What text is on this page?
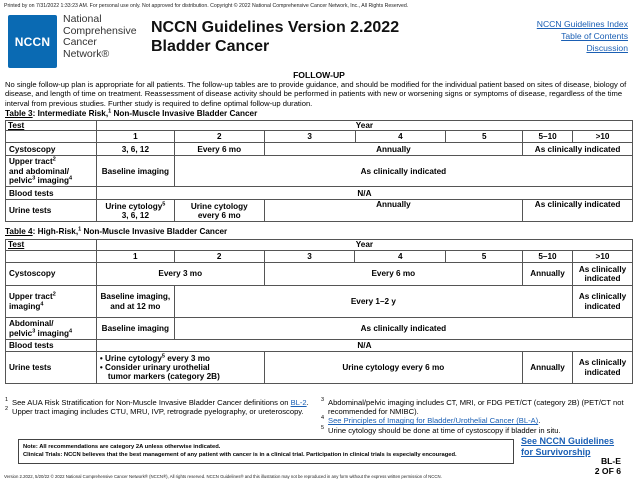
Printed by on 7/31/2022 1:33:23 AM. For personal use only. Not approved for distribution. Copyright © 2022 National Comprehensive Cancer Network, Inc., All Rights Reserved.
NCCN
National
Comprehensive
Cancer
Network®
NCCN Guidelines Version 2.2022
Bladder Cancer
NCCN Guidelines Index
Table of Contents
Discussion
FOLLOW-UP
No single follow-up plan is appropriate for all patients. The follow-up tables are to provide guidance, and should be modified for the individual patient based on sites of disease, biology of disease, and length of time on treatment. Reassessment of disease activity should be performed in patients with new or worsening signs or symptoms of disease, regardless of the time interval from previous studies. Further study is required to define optimal follow-up duration.
Table 3: Intermediate Risk,$^1$ Non-Muscle Invasive Bladder Cancer
Test	Year						
	1	2	3	4	5	5–10	>10
Cystoscopy	3, 6, 12	Every 6 mo	Annually			As clinically indicated	
Upper tract$^2$
and abdominal/
pelvic$^3$ imaging$^4$	Baseline imaging	As clinically indicated					
Blood tests	N/A						
Urine tests	Urine cytology$^5$
3, 6, 12	Urine cytology
every 6 mo	Annually			As clinically indicated	
Table 4: High-Risk,$^1$ Non-Muscle Invasive Bladder Cancer
Test	Year						
	1	2	3	4	5	5–10	>10
Cystoscopy	Every 3 mo		Every 6 mo			Annually	As clinically indicated
Upper tract$^2$
imaging$^4$	Baseline imaging, and at 12 mo	Every 1–2 y					As clinically indicated
Abdominal/
pelvic$^3$ imaging$^4$	Baseline imaging	As clinically indicated					
Blood tests	N/A						
Urine tests	• Urine cytology$^5$ every 3 mo
• Consider urinary urothelial
tumor markers (category 2B)		Urine cytology every 6 mo			Annually	As clinically indicated
1 See AUA Risk Stratification for Non-Muscle Invasive Bladder Cancer definitions on BL-2.
2 Upper tract imaging includes CTU, MRU, IVP, retrograde pyelography, or ureteroscopy.
3 Abdominal/pelvic imaging includes CT, MRI, or FDG PET/CT (category 2B) (PET/CT not recommended for NMIBC).
4 See Principles of Imaging for Bladder/Urothelial Cancer (BL-A).
5 Urine cytology should be done at time of cystoscopy if bladder in situ.
Note: All recommendations are category 2A unless otherwise indicated.
Clinical Trials: NCCN believes that the best management of any patient with cancer is in a clinical trial. Participation in clinical trials is especially encouraged.
See NCCN Guidelines
for Survivorship
BL-E
2 OF 6
Version 2.2022, 5/20/22 © 2022 National Comprehensive Cancer Network® (NCCN®), All rights reserved. NCCN Guidelines® and this illustration may not be reproduced in any form without the express written permission of NCCN.
